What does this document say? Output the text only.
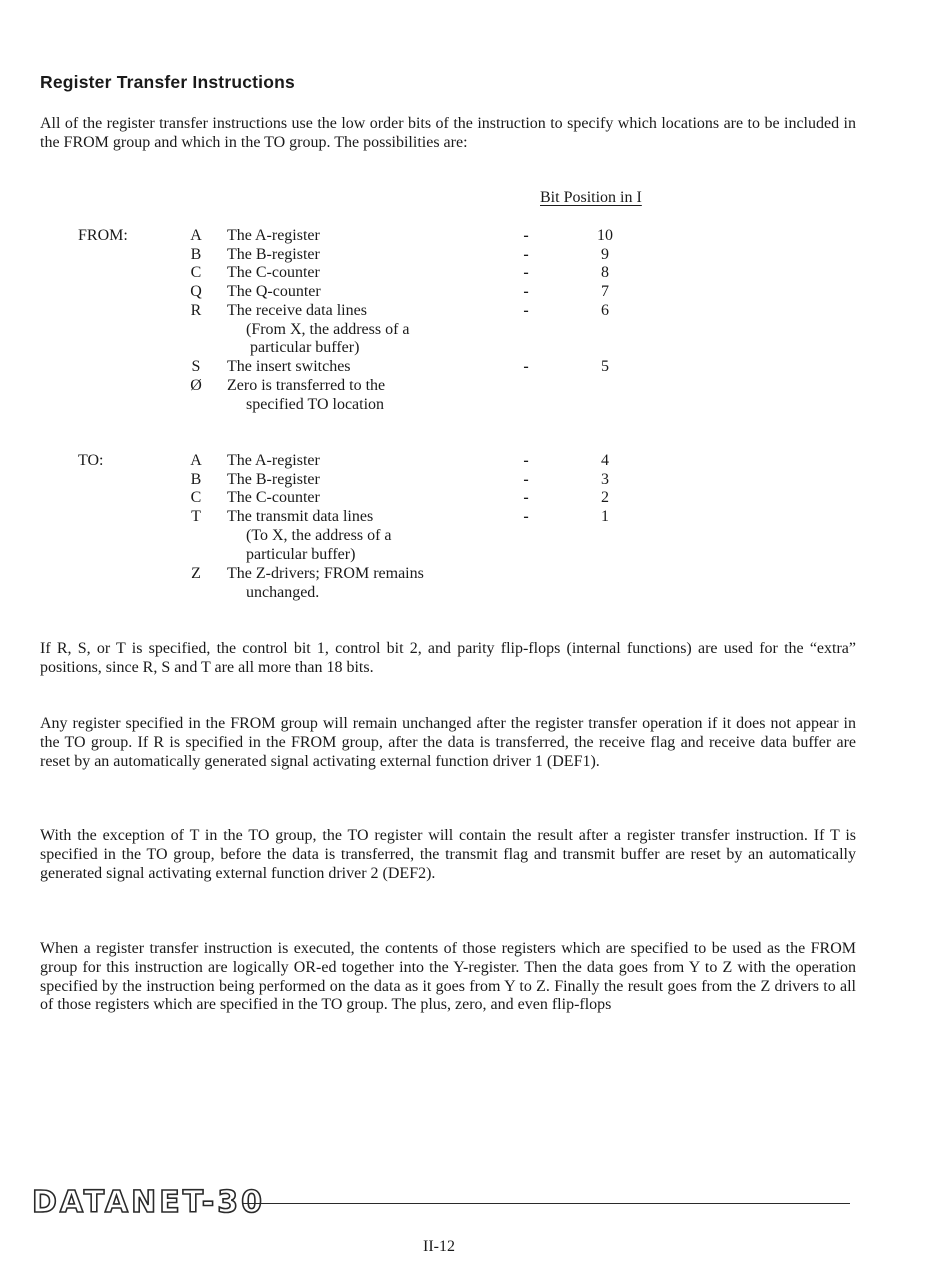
Register Transfer Instructions

All of the register transfer instructions use the low order bits of the instruction to specify which locations are to be included in the FROM group and which in the TO group. The possibilities are:

Bit Position in I
FROM:	A The A-register	-	10
B The B-register	-	9
C The C-counter	-	8
Q The Q-counter	-	7
R The receive data lines	-	6
(From X, the address of a
particular buffer)
S The insert switches	-	5
Ø Zero is transferred to the
specified TO location
TO:	A The A-register	-	4
B The B-register	-	3
C The C-counter	-	2
T The transmit data lines	-	1
(To X, the address of a
particular buffer)
Z The Z-drivers; FROM remains
unchanged.

If R, S, or T is specified, the control bit 1, control bit 2, and parity flip-flops (internal functions) are used for the “extra” positions, since R, S and T are all more than 18 bits.

Any register specified in the FROM group will remain unchanged after the register transfer operation if it does not appear in the TO group. If R is specified in the FROM group, after the data is transferred, the receive flag and receive data buffer are reset by an automatically generated signal activating external function driver 1 (DEF1).

With the exception of T in the TO group, the TO register will contain the result after a register transfer instruction. If T is specified in the TO group, before the data is transferred, the transmit flag and transmit buffer are reset by an automatically generated signal activating external function driver 2 (DEF2).

When a register transfer instruction is executed, the contents of those registers which are specified to be used as the FROM group for this instruction are logically OR-ed together into the Y-register. Then the data goes from Y to Z with the operation specified by the instruction being performed on the data as it goes from Y to Z. Finally the result goes from the Z drivers to all of those registers which are specified in the TO group. The plus, zero, and even flip-flops

DATANET-30
II-12
